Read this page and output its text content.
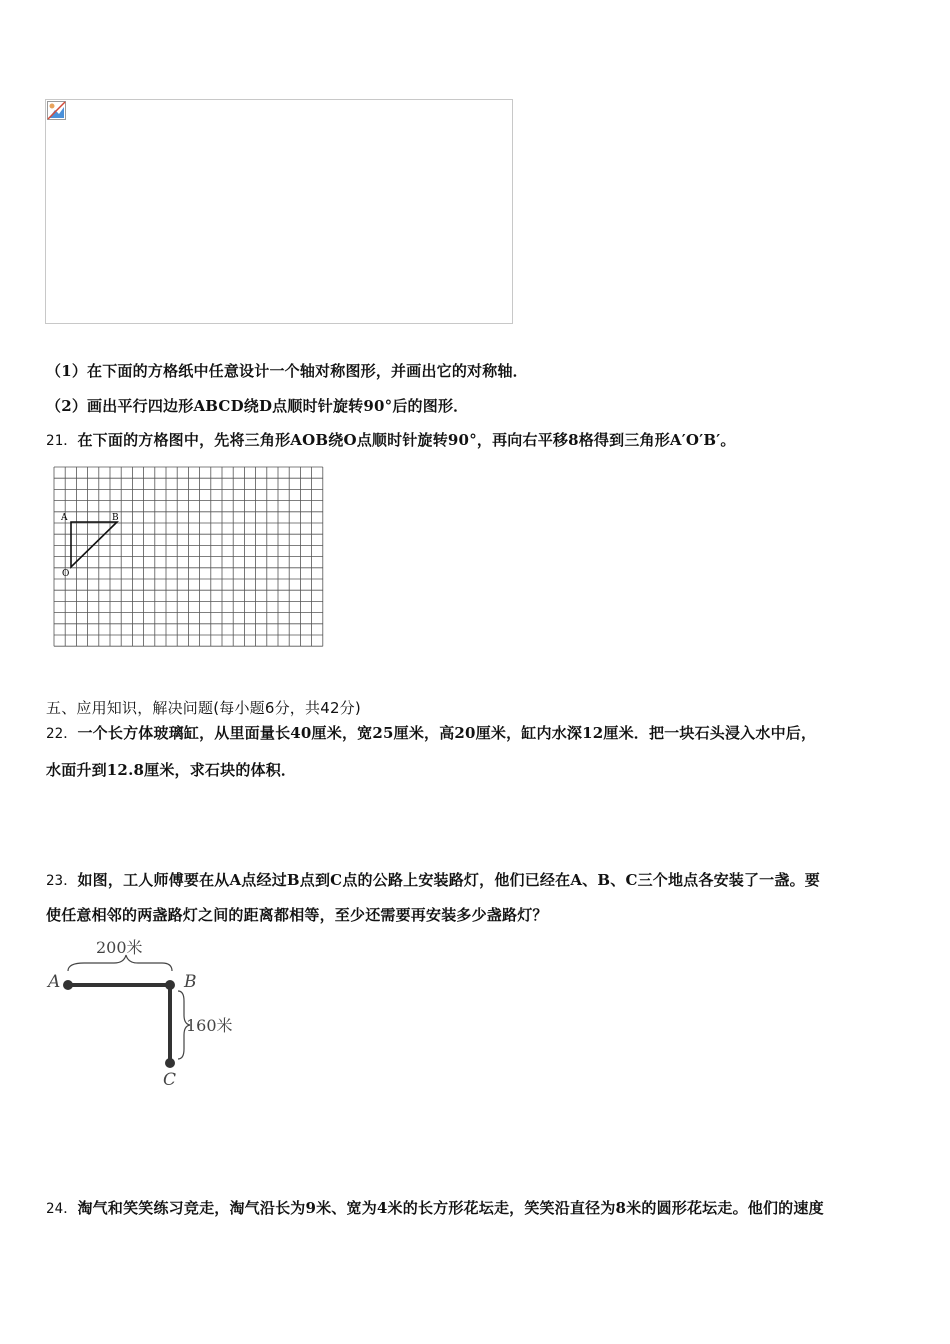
（1）在下面的方格纸中任意设计一个轴对称图形，并画出它的对称轴．
（2）画出平行四边形ABCD绕D点顺时针旋转90°后的图形．
21．在下面的方格图中，先将三角形AOB绕O点顺时针旋转90°，再向右平移8格得到三角形A′O′B′。
A	B
O
五、应用知识，解决问题(每小题6分，共42分)
22．一个长方体玻璃缸，从里面量长40厘米，宽25厘米，高20厘米，缸内水深12厘米．把一块石头浸入水中后，
水面升到12.8厘米，求石块的体积．
23．如图，工人师傅要在从A点经过B点到C点的公路上安装路灯，他们已经在A、B、C三个地点各安装了一盏。要
使任意相邻的两盏路灯之间的距离都相等，至少还需要再安装多少盏路灯？
200米
160米
A	B
C
24．淘气和笑笑练习竞走，淘气沿长为9米、宽为4米的长方形花坛走，笑笑沿直径为8米的圆形花坛走。他们的速度
